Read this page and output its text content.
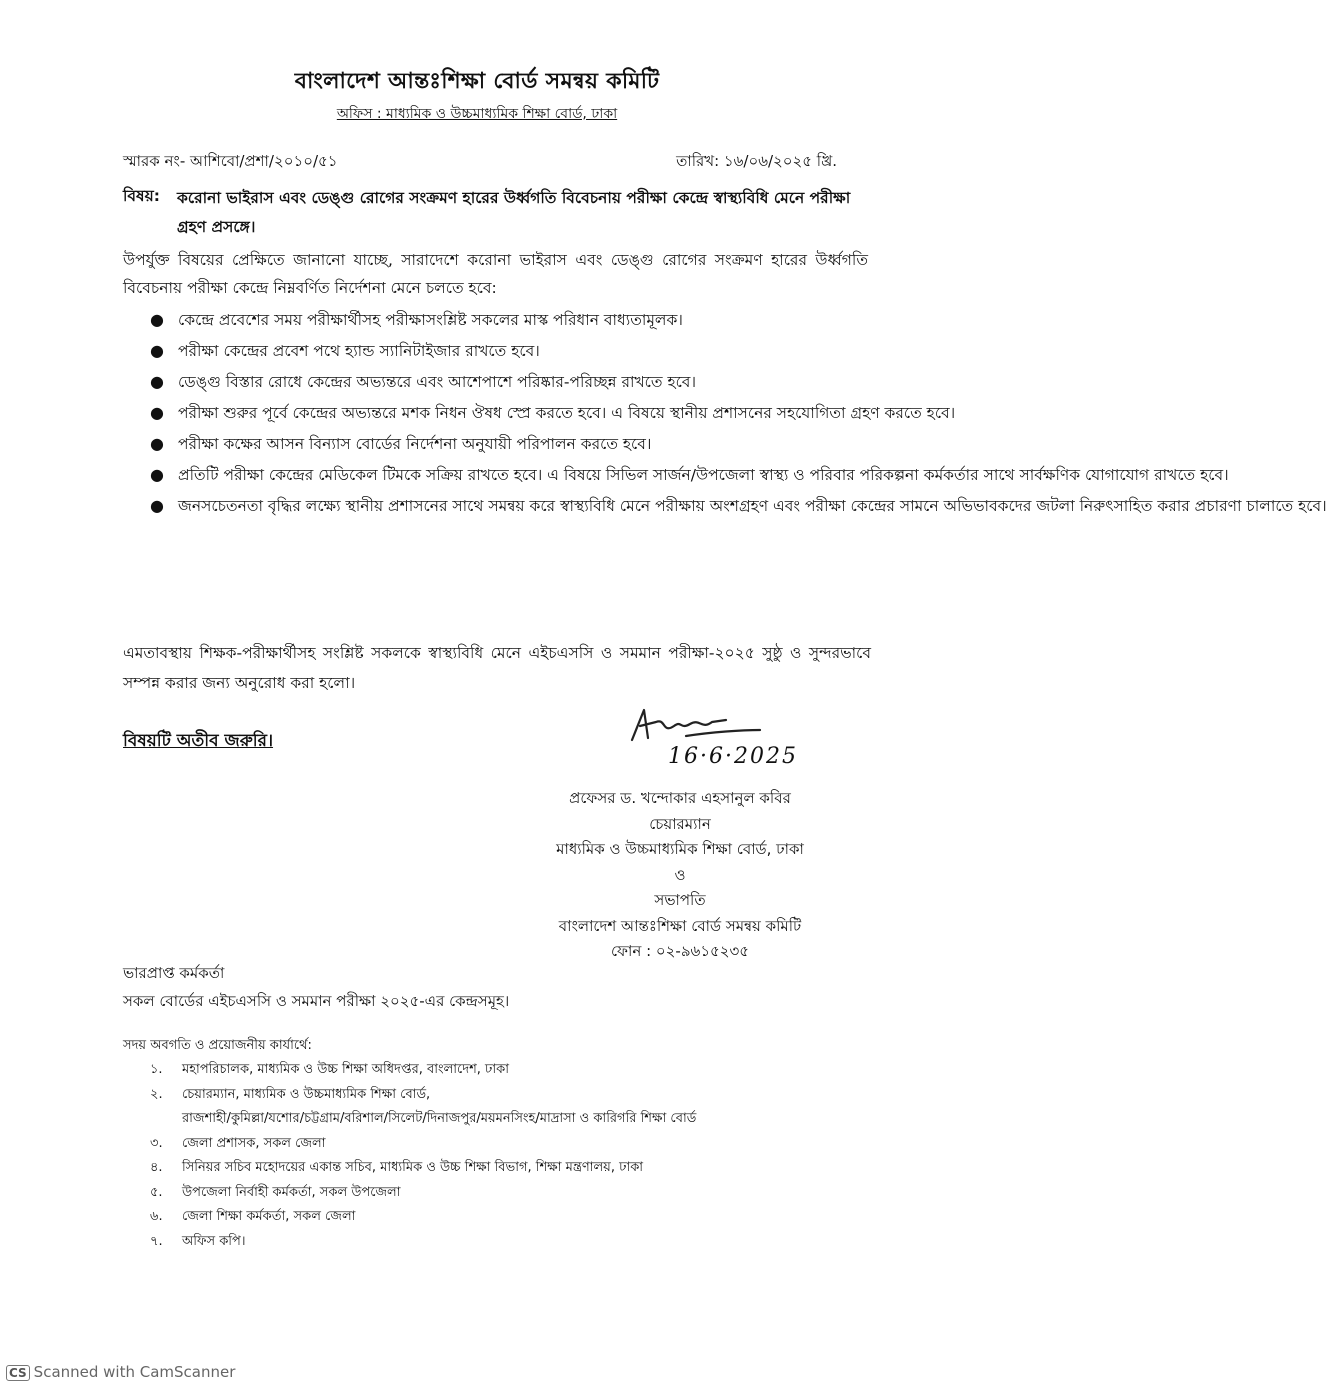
বাংলাদেশ আন্তঃশিক্ষা বোর্ড সমন্বয় কমিটি
অফিস : মাধ্যমিক ও উচ্চমাধ্যমিক শিক্ষা বোর্ড, ঢাকা
স্মারক নং- আশিবো/প্রশা/২০১০/৫১	তারিখ: ১৬/০৬/২০২৫ খ্রি.
বিষয়: করোনা ভাইরাস এবং ডেঙ্গু রোগের সংক্রমণ হারের উর্ধ্বগতি বিবেচনায় পরীক্ষা কেন্দ্রে স্বাস্থ্যবিধি মেনে পরীক্ষা গ্রহণ প্রসঙ্গে।
উপর্যুক্ত বিষয়ের প্রেক্ষিতে জানানো যাচ্ছে, সারাদেশে করোনা ভাইরাস এবং ডেঙ্গু রোগের সংক্রমণ হারের উর্ধ্বগতি বিবেচনায় পরীক্ষা কেন্দ্রে নিম্নবর্ণিত নির্দেশনা মেনে চলতে হবে:
● কেন্দ্রে প্রবেশের সময় পরীক্ষার্থীসহ পরীক্ষাসংশ্লিষ্ট সকলের মাস্ক পরিধান বাধ্যতামূলক।
● পরীক্ষা কেন্দ্রের প্রবেশ পথে হ্যান্ড স্যানিটাইজার রাখতে হবে।
● ডেঙ্গু বিস্তার রোধে কেন্দ্রের অভ্যন্তরে এবং আশেপাশে পরিষ্কার-পরিচ্ছন্ন রাখতে হবে।
● পরীক্ষা শুরুর পূর্বে কেন্দ্রের অভ্যন্তরে মশক নিধন ঔষধ স্প্রে করতে হবে। এ বিষয়ে স্থানীয় প্রশাসনের সহযোগিতা গ্রহণ করতে হবে।
● পরীক্ষা কক্ষের আসন বিন্যাস বোর্ডের নির্দেশনা অনুযায়ী পরিপালন করতে হবে।
● প্রতিটি পরীক্ষা কেন্দ্রের মেডিকেল টিমকে সক্রিয় রাখতে হবে। এ বিষয়ে সিভিল সার্জন/উপজেলা স্বাস্থ্য ও পরিবার পরিকল্পনা কর্মকর্তার সাথে সার্বক্ষণিক যোগাযোগ রাখতে হবে।
● জনসচেতনতা বৃদ্ধির লক্ষ্যে স্থানীয় প্রশাসনের সাথে সমন্বয় করে স্বাস্থ্যবিধি মেনে পরীক্ষায় অংশগ্রহণ এবং পরীক্ষা কেন্দ্রের সামনে অভিভাবকদের জটলা নিরুৎসাহিত করার প্রচারণা চালাতে হবে।
এমতাবস্থায় শিক্ষক-পরীক্ষার্থীসহ সংশ্লিষ্ট সকলকে স্বাস্থ্যবিধি মেনে এইচএসসি ও সমমান পরীক্ষা-২০২৫ সুষ্ঠু ও সুন্দরভাবে সম্পন্ন করার জন্য অনুরোধ করা হলো।
বিষয়টি অতীব জরুরি।
16·6·2025
প্রফেসর ড. খন্দোকার এহসানুল কবির
চেয়ারম্যান
মাধ্যমিক ও উচ্চমাধ্যমিক শিক্ষা বোর্ড, ঢাকা
ও
সভাপতি
বাংলাদেশ আন্তঃশিক্ষা বোর্ড সমন্বয় কমিটি
ফোন : ০২-৯৬১৫২৩৫
ভারপ্রাপ্ত কর্মকর্তা
সকল বোর্ডের এইচএসসি ও সমমান পরীক্ষা ২০২৫-এর কেন্দ্রসমূহ।
সদয় অবগতি ও প্রয়োজনীয় কার্যার্থে:
১. মহাপরিচালক, মাধ্যমিক ও উচ্চ শিক্ষা অধিদপ্তর, বাংলাদেশ, ঢাকা
২. চেয়ারম্যান, মাধ্যমিক ও উচ্চমাধ্যমিক শিক্ষা বোর্ড,
রাজশাহী/কুমিল্লা/যশোর/চট্টগ্রাম/বরিশাল/সিলেট/দিনাজপুর/ময়মনসিংহ/মাদ্রাসা ও কারিগরি শিক্ষা বোর্ড
৩. জেলা প্রশাসক, সকল জেলা
৪. সিনিয়র সচিব মহোদয়ের একান্ত সচিব, মাধ্যমিক ও উচ্চ শিক্ষা বিভাগ, শিক্ষা মন্ত্রণালয়, ঢাকা
৫. উপজেলা নির্বাহী কর্মকর্তা, সকল উপজেলা
৬. জেলা শিক্ষা কর্মকর্তা, সকল জেলা
৭. অফিস কপি।
CS Scanned with CamScanner
